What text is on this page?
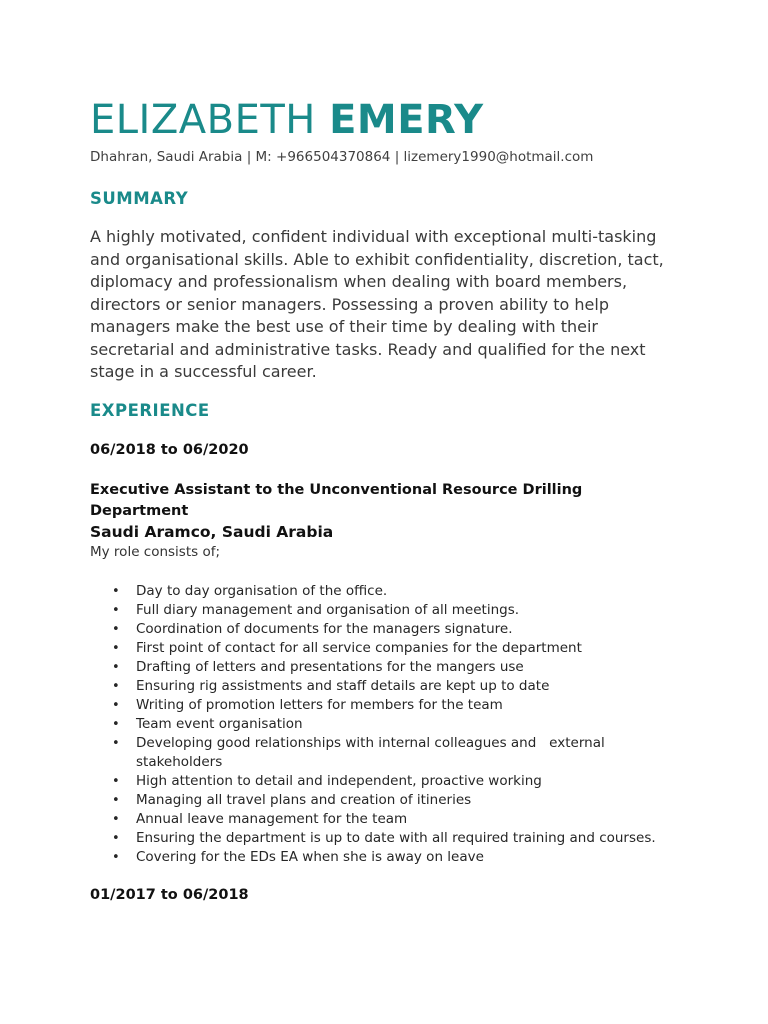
ELIZABETH EMERY
Dhahran, Saudi Arabia | M: +966504370864 | lizemery1990@hotmail.com
SUMMARY
A highly motivated, confident individual with exceptional multi-tasking and organisational skills. Able to exhibit confidentiality, discretion, tact, diplomacy and professionalism when dealing with board members, directors or senior managers. Possessing a proven ability to help managers make the best use of their time by dealing with their secretarial and administrative tasks. Ready and qualified for the next stage in a successful career.
EXPERIENCE
06/2018 to 06/2020
Executive Assistant to the Unconventional Resource Drilling Department
Saudi Aramco, Saudi Arabia
My role consists of;
• Day to day organisation of the office.
• Full diary management and organisation of all meetings.
• Coordination of documents for the managers signature.
• First point of contact for all service companies for the department
• Drafting of letters and presentations for the mangers use
• Ensuring rig assistments and staff details are kept up to date
• Writing of promotion letters for members for the team
• Team event organisation
• Developing good relationships with internal colleagues and   external stakeholders
• High attention to detail and independent, proactive working
• Managing all travel plans and creation of itineries
• Annual leave management for the team
• Ensuring the department is up to date with all required training and courses.
• Covering for the EDs EA when she is away on leave
01/2017 to 06/2018
